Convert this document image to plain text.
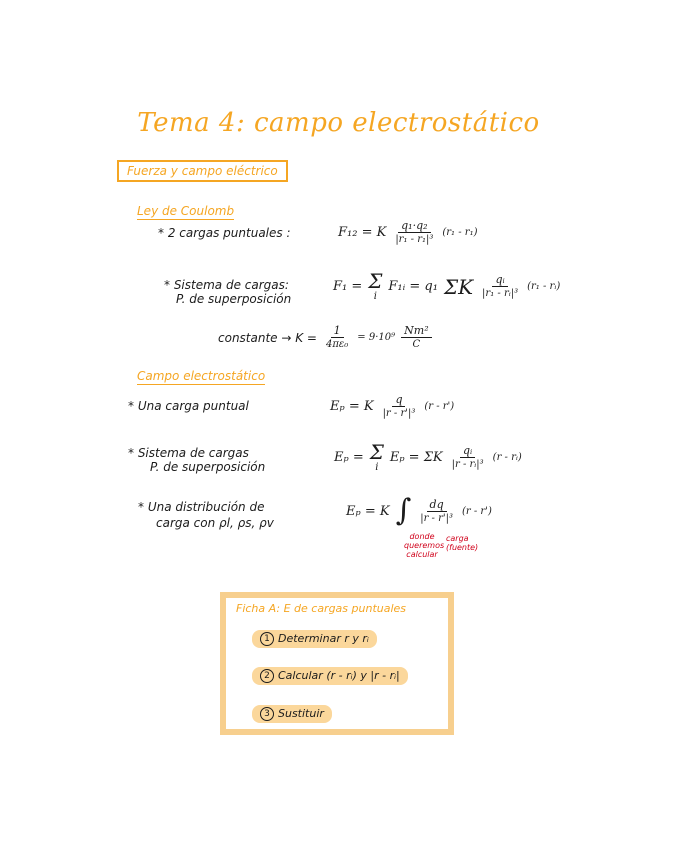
Tema 4: campo electrostático
Fuerza y campo eléctrico
Ley de Coulomb
* 2 cargas puntuales :	F₁₂ = K $\frac{\text{q₁·q₂}}{\text{|r₁ - r₁|³}} (r_1 - r_1)$
* Sistema de cargas:
P. de superposición
F₁ = Σ
i
F₁ᵢ = q₁ ΣK $\frac{\text{qᵢ}}{\text{|r₁ - rᵢ|³}} (r_1$ - rᵢ)
constante → $K = \frac{1}{\text{4πε₀}} = 9\cdot 10^9 \frac{\text{Nm²}}{C}$
Campo electrostático
* Una carga puntual	Eₚ = K $\frac{q}{\text{|r - r'|³}} (r - r')$
* Sistema de cargas
P. de superposición
Eₚ = Σ
i
Eₚ = ΣK $\frac{\text{qᵢ}}{\text{|r - rᵢ|³}} (r$ - rᵢ)
* Una distribución de
carga con ρl, ρs, ρv
Eₚ = K ∫ $\frac{dq}{\text{|r - r'|³}} (r - r')$
donde queremos calcular
carga (fuente)
Ficha A: E de cargas puntuales
1 Determinar r y rᵢ
2 Calcular (r - rᵢ) y |r - rᵢ|
3 Sustituir
